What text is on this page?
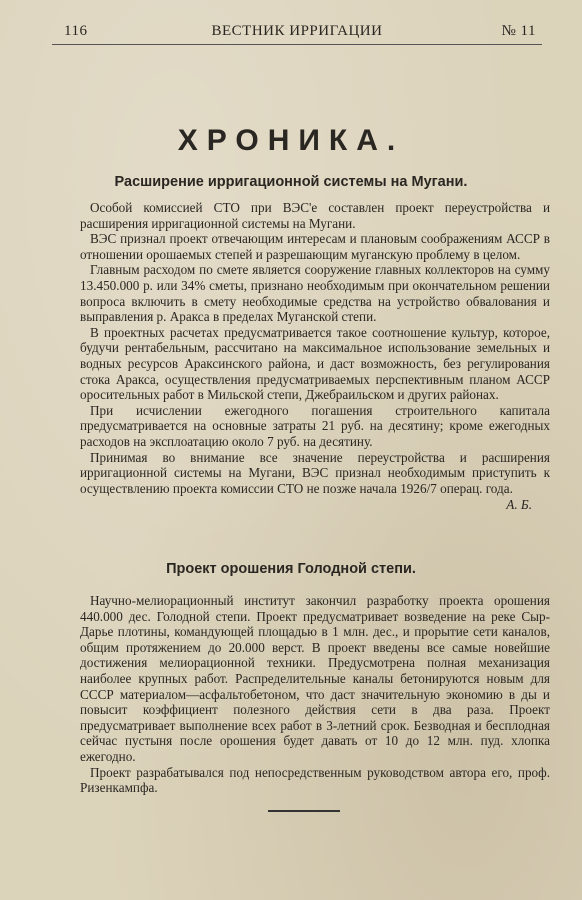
116	ВЕСТНИК ИРРИГАЦИИ	№ 11
ХРОНИКА.
Расширение ирригационной системы на Мугани.

Особой комиссией СТО при ВЭС'е составлен проект переустройства и расширения ирригационной системы на Мугани.

ВЭС признал проект отвечающим интересам и плановым соображениям АССР в отношении орошаемых степей и разрешающим муганскую проблему в целом.

Главным расходом по смете является сооружение главных коллекторов на сумму 13.450.000 р. или 34% сметы, признано необходимым при окончательном решении вопроса включить в смету необходимые средства на устройство обвалования и выправления р. Аракса в пределах Муганской степи.

В проектных расчетах предусматривается такое соотношение культур, которое, будучи рентабельным, рассчитано на максимальное использование земельных и водных ресурсов Араксинского района, и даст возможность, без регулирования стока Аракса, осуществления предусматриваемых перспективным планом АССР оросительных работ в Мильской степи, Джебраильском и других районах.

При исчислении ежегодного погашения строительного капитала предусматривается на основные затраты 21 руб. на десятину; кроме ежегодных расходов на эксплоатацию около 7 руб. на десятину.

Принимая во внимание все значение переустройства и расширения ирригационной системы на Мугани, ВЭС признал необходимым приступить к осуществлению проекта комиссии СТО не позже начала 1926/7 операц. года.

А. Б.
Проект орошения Голодной степи.

Научно-мелиорационный институт закончил разработку проекта орошения 440.000 дес. Голодной степи. Проект предусматривает возведение на реке Сыр-Дарье плотины, командующей площадью в 1 млн. дес., и прорытие сети каналов, общим протяжением до 20.000 верст. В проект введены все самые новейшие достижения мелиорационной техники. Предусмотрена полная механизация наиболее крупных работ. Распределительные каналы бетонируются новым для СССР материалом—асфальтобетоном, что даст значительную экономию в ды и повысит коэффициент полезного действия сети в два раза. Проект предусматривает выполнение всех работ в 3-летний срок. Безводная и бесплодная сейчас пустыня после орошения будет давать от 10 до 12 млн. пуд. хлопка ежегодно.

Проект разрабатывался под непосредственным руководством автора его, проф. Ризенкампфа.
